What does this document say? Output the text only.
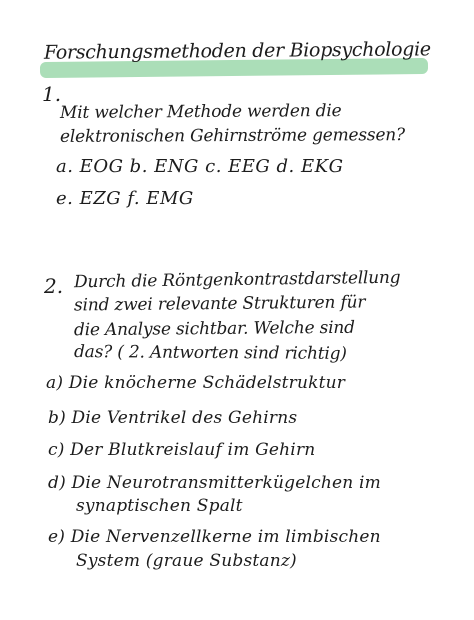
Forschungsmethoden der Biopsychologie
1.
Mit welcher Methode werden die
elektronischen Gehirnströme gemessen?
a. EOG b. ENG c. EEG d. EKG
e. EZG f. EMG
2. Durch die Röntgenkontrastdarstellung
sind zwei relevante Strukturen für
die Analyse sichtbar. Welche sind
das? ( 2. Antworten sind richtig)
a) Die knöcherne Schädelstruktur
b) Die Ventrikel des Gehirns
c) Der Blutkreislauf im Gehirn
d) Die Neurotransmitterkügelchen im
synaptischen Spalt
e) Die Nervenzellkerne im limbischen
System (graue Substanz)
